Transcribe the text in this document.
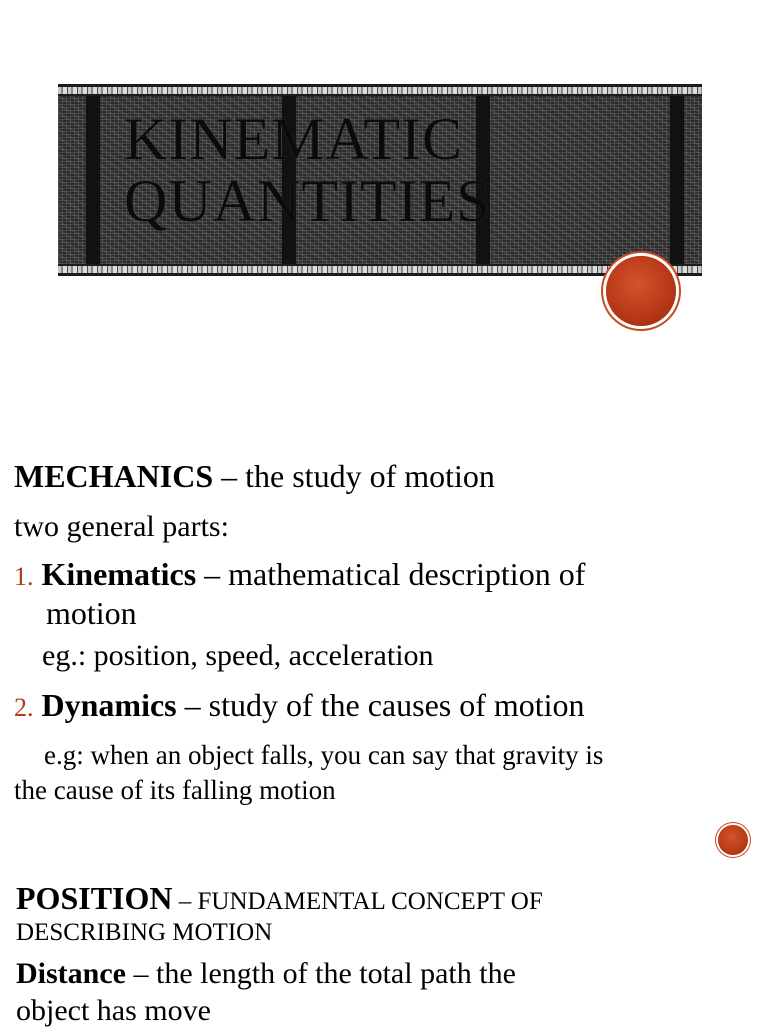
KINEMATIC
QUANTITIES
MECHANICS – the study of motion
two general parts:
1. Kinematics – mathematical description of
motion
eg.: position, speed, acceleration
2. Dynamics – study of the causes of motion
e.g: when an object falls, you can say that gravity is
the cause of its falling motion
POSITION – FUNDAMENTAL CONCEPT OF
DESCRIBING MOTION
Distance – the length of the total path the
object has move
